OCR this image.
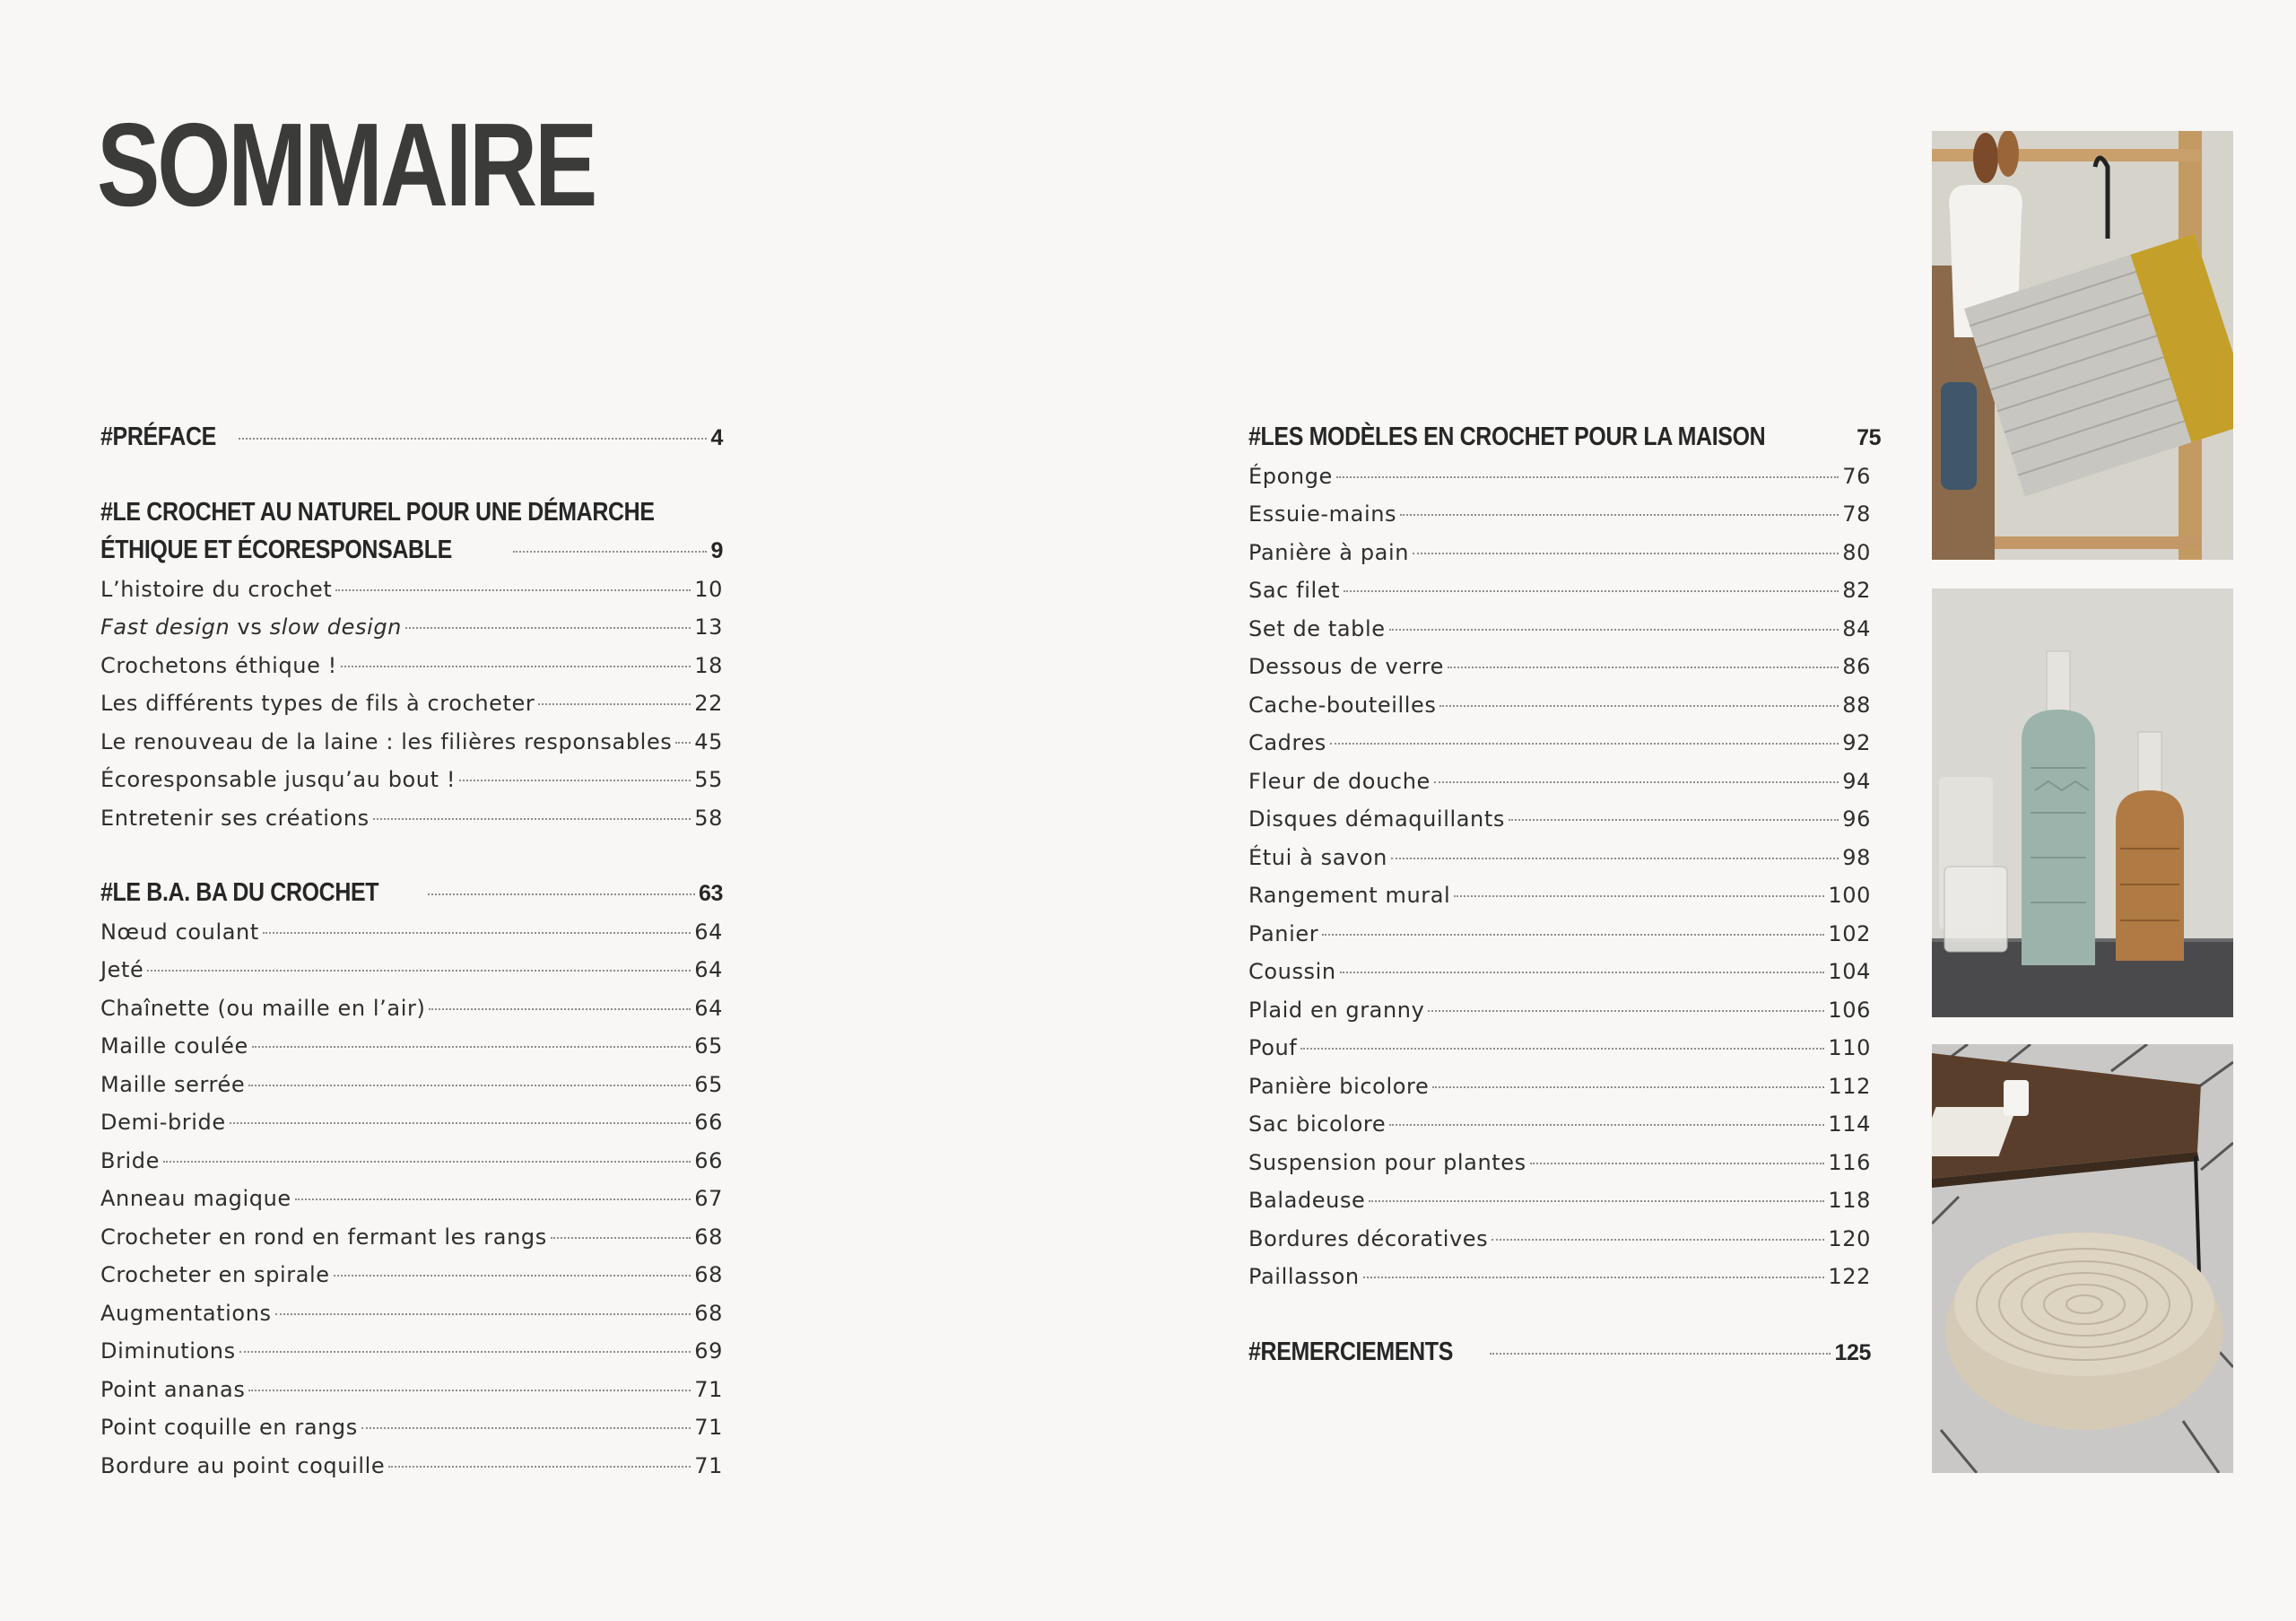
SOMMAIRE
#PRÉFACE	4
#LE CROCHET AU NATUREL POUR UNE DÉMARCHE
ÉTHIQUE ET ÉCORESPONSABLE	9
L’histoire du crochet	10
Fast design vs slow design	13
Crochetons éthique !	18
Les différents types de fils à crocheter	22
Le renouveau de la laine : les filières responsables 45
Écoresponsable jusqu’au bout !	55
Entretenir ses créations	58
#LE B.A. BA DU CROCHET	63
Nœud coulant	64
Jeté	64
Chaînette (ou maille en l’air)	64
Maille coulée	65
Maille serrée	65
Demi-bride	66
Bride	66
Anneau magique	67
Crocheter en rond en fermant les rangs	68
Crocheter en spirale	68
Augmentations	68
Diminutions	69
Point ananas	71
Point coquille en rangs	71
Bordure au point coquille	71
#LES MODÈLES EN CROCHET POUR LA MAISON	75
Éponge	76
Essuie-mains	78
Panière à pain	80
Sac filet	82
Set de table	84
Dessous de verre	86
Cache-bouteilles	88
Cadres	92
Fleur de douche	94
Disques démaquillants	96
Étui à savon	98
Rangement mural	100
Panier	102
Coussin	104
Plaid en granny	106
Pouf	110
Panière bicolore	112
Sac bicolore	114
Suspension pour plantes	116
Baladeuse	118
Bordures décoratives	120
Paillasson	122
#REMERCIEMENTS	125
